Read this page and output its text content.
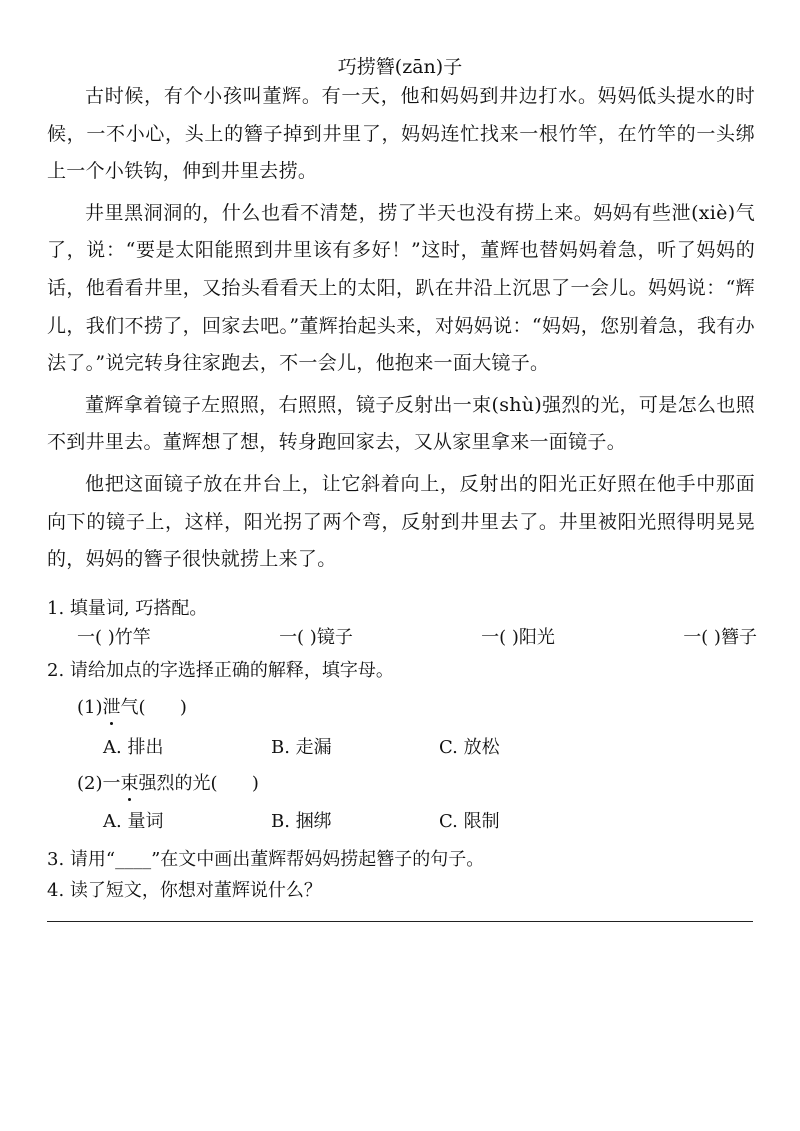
巧捞簪(zān)子

古时候，有个小孩叫董辉。有一天，他和妈妈到井边打水。妈妈低头提水的时候，一不小心，头上的簪子掉到井里了，妈妈连忙找来一根竹竿，在竹竿的一头绑上一个小铁钩，伸到井里去捞。

井里黑洞洞的，什么也看不清楚，捞了半天也没有捞上来。妈妈有些泄(xiè)气了，说：“要是太阳能照到井里该有多好！”这时，董辉也替妈妈着急，听了妈妈的话，他看看井里，又抬头看看天上的太阳，趴在井沿上沉思了一会儿。妈妈说：“辉儿，我们不捞了，回家去吧。”董辉抬起头来，对妈妈说：“妈妈，您别着急，我有办法了。”说完转身往家跑去，不一会儿，他抱来一面大镜子。

董辉拿着镜子左照照，右照照，镜子反射出一束(shù)强烈的光，可是怎么也照不到井里去。董辉想了想，转身跑回家去，又从家里拿来一面镜子。

他把这面镜子放在井台上，让它斜着向上，反射出的阳光正好照在他手中那面向下的镜子上，这样，阳光拐了两个弯，反射到井里去了。井里被阳光照得明晃晃的，妈妈的簪子很快就捞上来了。

1. 填量词, 巧搭配。
一( )竹竿	一( )镜子	一( )阳光	一( )簪子
2. 请给加点的字选择正确的解释，填字母。
(1)泄气(      )
A. 排出	B. 走漏	C. 放松
(2)一束强烈的光(      )
A. 量词	B. 捆绑	C. 限制
3. 请用“____”在文中画出董辉帮妈妈捞起簪子的句子。
4. 读了短文，你想对董辉说什么？
